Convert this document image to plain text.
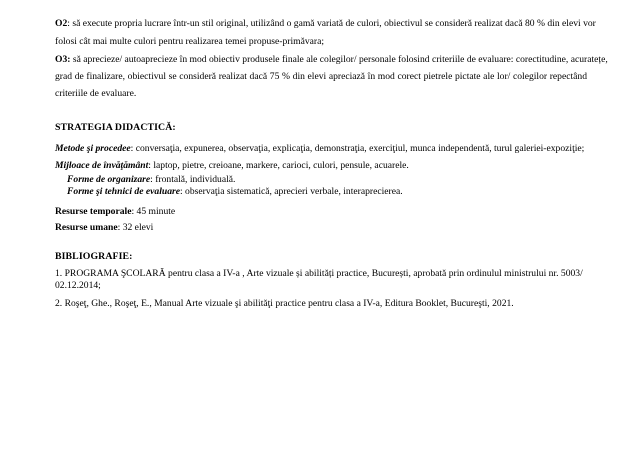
O2: să execute propria lucrare într-un stil original, utilizând o gamă variată de culori, obiectivul se consideră realizat dacă 80 % din elevi vor
folosi cât mai multe culori pentru realizarea temei propuse-primăvara;
O3: să aprecieze/ autoaprecieze în mod obiectiv produsele finale ale colegilor/ personale folosind criteriile de evaluare: corectitudine, acuratețe,
grad de finalizare, obiectivul se consideră realizat dacă 75 % din elevi apreciază în mod corect pietrele pictate ale lor/ colegilor repectând
criteriile de evaluare.
STRATEGIA DIDACTICĂ:
Metode şi procedee: conversaţia, expunerea, observaţia, explicaţia, demonstraţia, exerciţiul, munca independentă, turul galeriei-expoziţie;
Mijloace de învăţământ: laptop, pietre, creioane, markere, carioci, culori, pensule, acuarele.
Forme de organizare: frontală, individuală.
Forme şi tehnici de evaluare: observaţia sistematică, aprecieri verbale, interaprecierea.
Resurse temporale: 45 minute
Resurse umane: 32 elevi
BIBLIOGRAFIE:
1. PROGRAMA ŞCOLARĂ pentru clasa a IV-a , Arte vizuale și abilități practice, București, aprobată prin ordinulul ministrului nr. 5003/
02.12.2014;
2. Roşeţ, Ghe., Roşeţ, E., Manual Arte vizuale şi abilităţi practice pentru clasa a IV-a, Editura Booklet, Bucureşti, 2021.
